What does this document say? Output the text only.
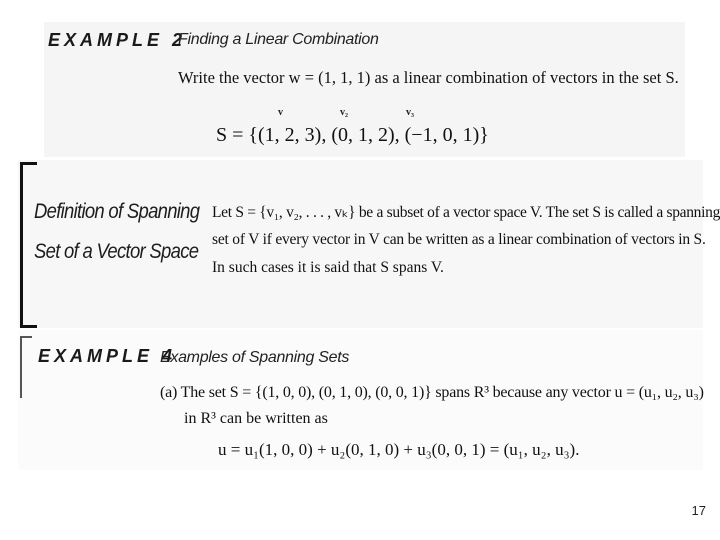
EXAMPLE 2
Finding a Linear Combination
Write the vector w = (1, 1, 1) as a linear combination of vectors in the set S.
v	v₂	v₃
S = {(1, 2, 3), (0, 1, 2), (−1, 0, 1)}
Definition of Spanning
Set of a Vector Space
Let S = {v₁, v₂, . . . , vₖ} be a subset of a vector space V. The set S is called a spanning
set of V if every vector in V can be written as a linear combination of vectors in S.
In such cases it is said that S spans V.
EXAMPLE 4
Examples of Spanning Sets
(a) The set S = {(1, 0, 0), (0, 1, 0), (0, 0, 1)} spans R³ because any vector u = (u₁, u₂, u₃)
in R³ can be written as
u = u₁(1, 0, 0) + u₂(0, 1, 0) + u₃(0, 0, 1) = (u₁, u₂, u₃).
17
